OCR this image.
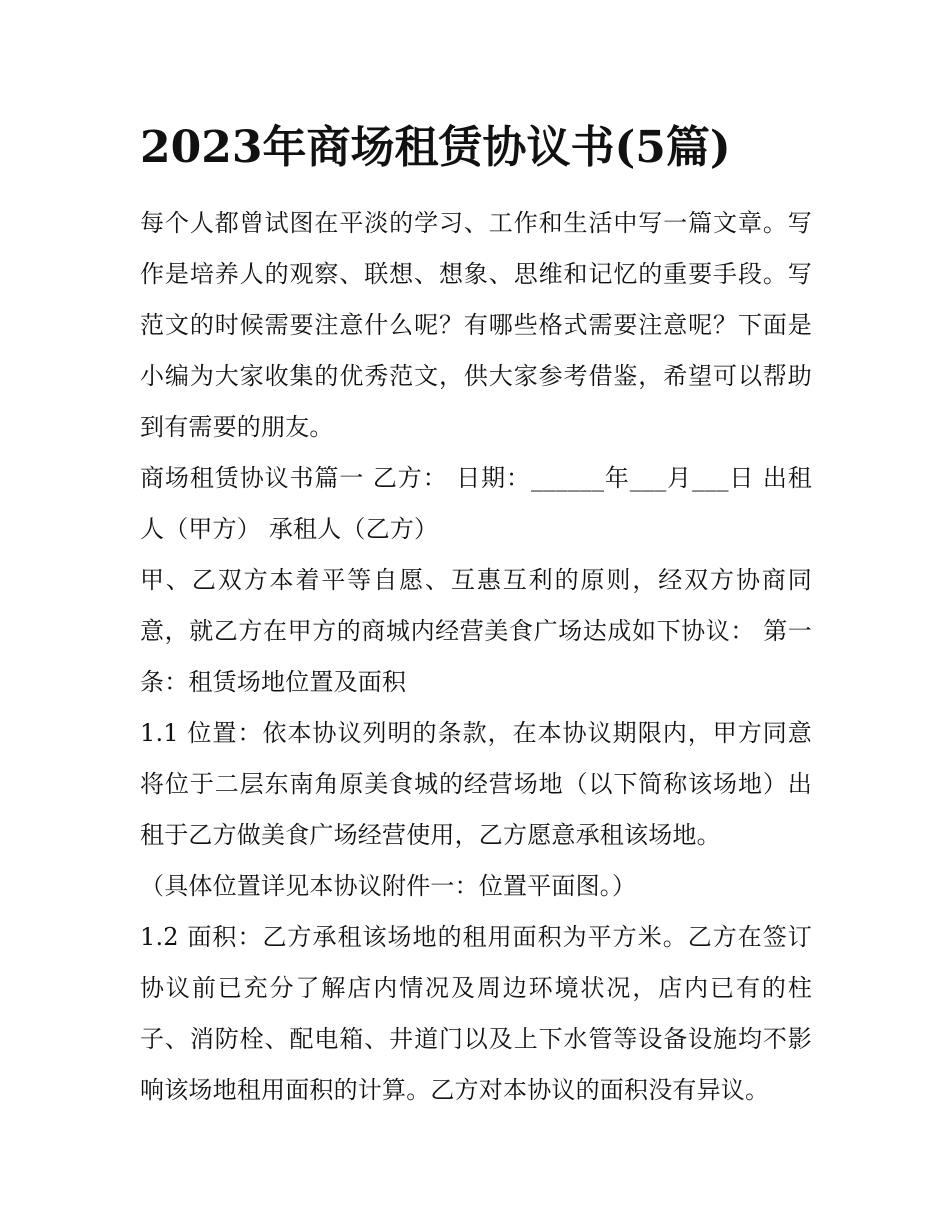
2023年商场租赁协议书(5篇)

每个人都曾试图在平淡的学习、工作和生活中写一篇文章。写作是培养人的观察、联想、想象、思维和记忆的重要手段。写范文的时候需要注意什么呢？有哪些格式需要注意呢？下面是小编为大家收集的优秀范文，供大家参考借鉴，希望可以帮助到有需要的朋友。

商场租赁协议书篇一 乙方： 日期：______年___月___日 出租人（甲方） 承租人（乙方）

甲、乙双方本着平等自愿、互惠互利的原则，经双方协商同意，就乙方在甲方的商城内经营美食广场达成如下协议： 第一条：租赁场地位置及面积

1.1 位置：依本协议列明的条款，在本协议期限内，甲方同意将位于二层东南角原美食城的经营场地（以下简称该场地）出租于乙方做美食广场经营使用，乙方愿意承租该场地。

（具体位置详见本协议附件一：位置平面图。）

1.2 面积：乙方承租该场地的租用面积为平方米。乙方在签订协议前已充分了解店内情况及周边环境状况，店内已有的柱子、消防栓、配电箱、井道门以及上下水管等设备设施均不影响该场地租用面积的计算。乙方对本协议的面积没有异议。
